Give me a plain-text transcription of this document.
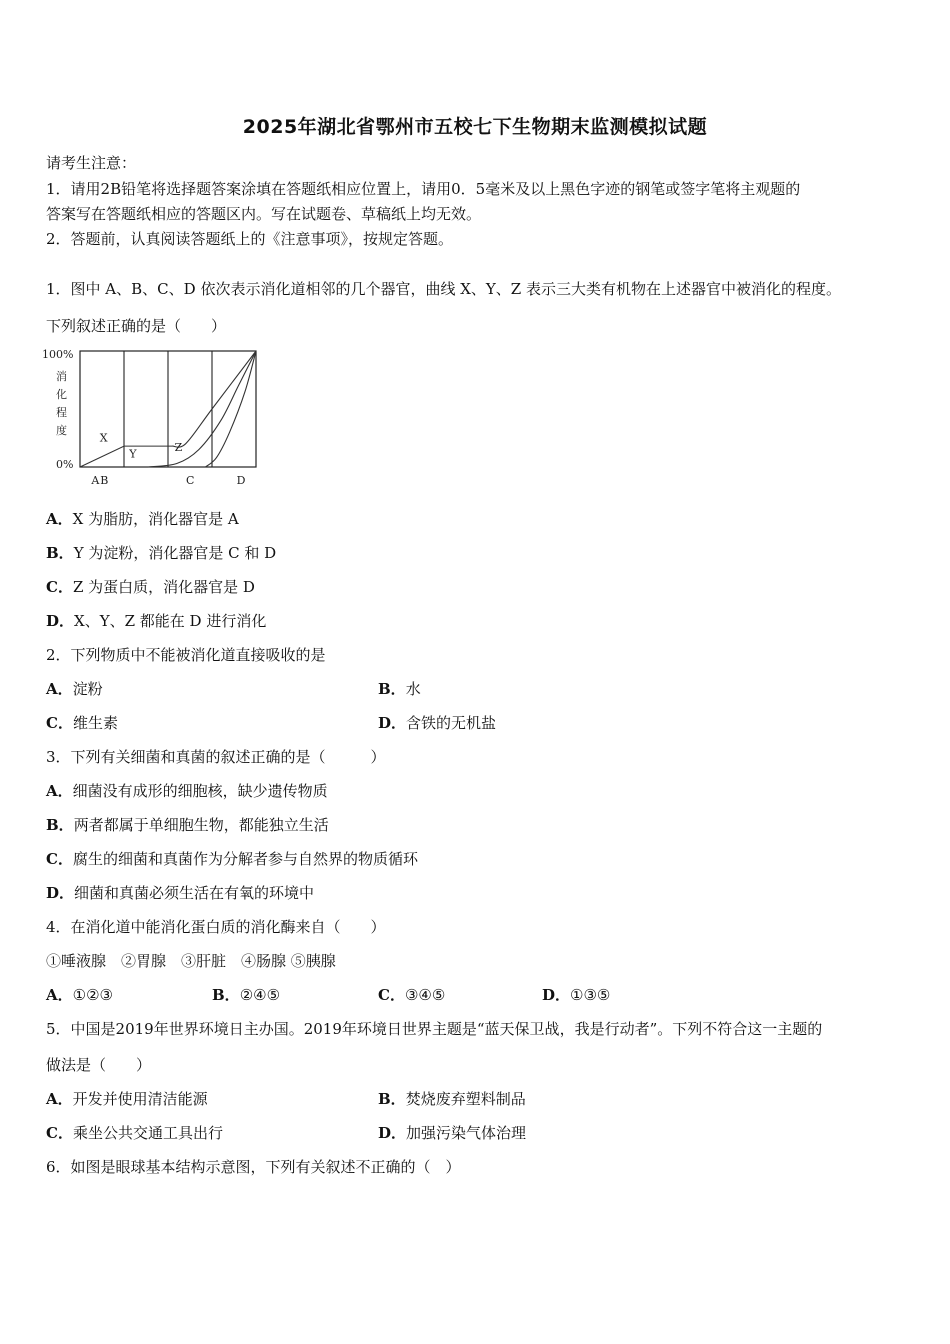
2025年湖北省鄂州市五校七下生物期末监测模拟试题
请考生注意：
1．请用2B铅笔将选择题答案涂填在答题纸相应位置上，请用0．5毫米及以上黑色字迹的钢笔或签字笔将主观题的
答案写在答题纸相应的答题区内。写在试题卷、草稿纸上均无效。
2．答题前，认真阅读答题纸上的《注意事项》，按规定答题。
1．图中 A、B、C、D 依次表示消化道相邻的几个器官，曲线 X、Y、Z 表示三大类有机物在上述器官中被消化的程度。
下列叙述正确的是（　　）
100%
0%
消
化
程
度
A B	C	D
X
Y
Z
A．X 为脂肪，消化器官是 A
B．Y 为淀粉，消化器官是 C 和 D
C．Z 为蛋白质，消化器官是 D
D．X、Y、Z 都能在 D 进行消化
2．下列物质中不能被消化道直接吸收的是
A．淀粉	B．水
C．维生素	D．含铁的无机盐
3．下列有关细菌和真菌的叙述正确的是（　　　）
A．细菌没有成形的细胞核，缺少遗传物质
B．两者都属于单细胞生物，都能独立生活
C．腐生的细菌和真菌作为分解者参与自然界的物质循环
D．细菌和真菌必须生活在有氧的环境中
4．在消化道中能消化蛋白质的消化酶来自（　　）
①唾液腺　②胃腺　③肝脏　④肠腺 ⑤胰腺
A．①②③	B．②④⑤	C．③④⑤	D．①③⑤
5．中国是2019年世界环境日主办国。2019年环境日世界主题是“蓝天保卫战，我是行动者”。下列不符合这一主题的
做法是（　　）
A．开发并使用清洁能源	B．焚烧废弃塑料制品
C．乘坐公共交通工具出行	D．加强污染气体治理
6．如图是眼球基本结构示意图，下列有关叙述不正确的（　）
